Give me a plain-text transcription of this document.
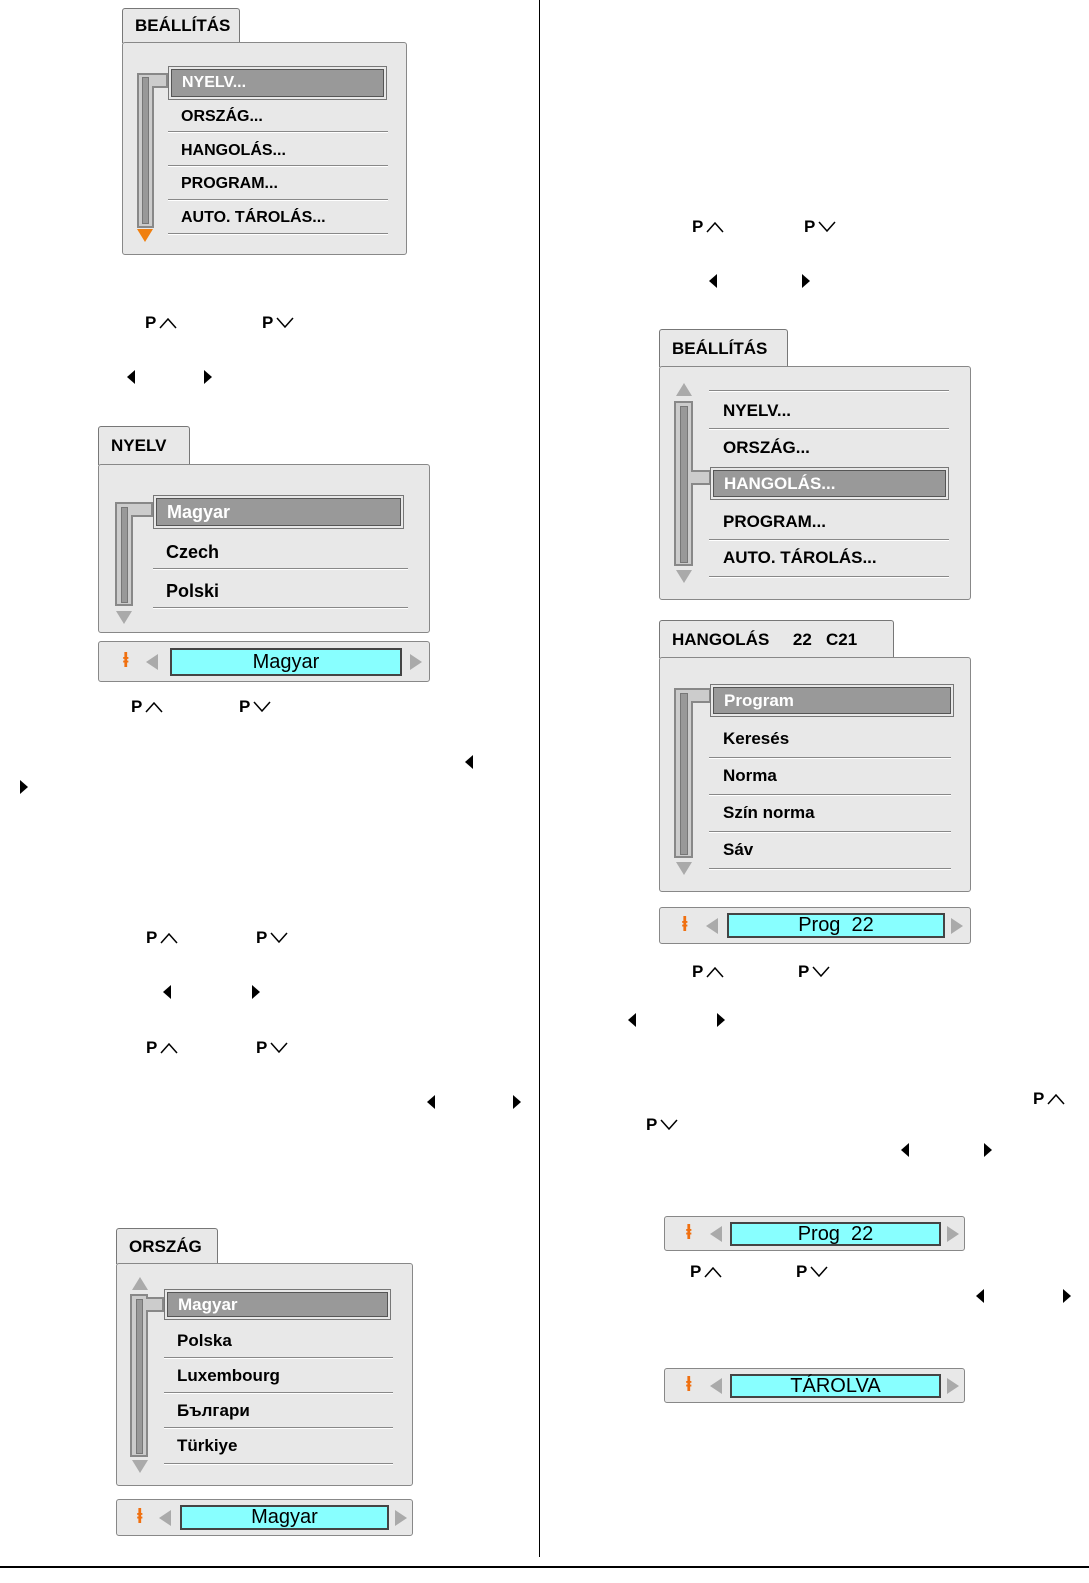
BEÁLLÍTÁS
NYELV...
ORSZÁG...
HANGOLÁS...
PROGRAM...
AUTO. TÁROLÁS...
P	P
NYELV
Magyar
Czech
Polski
ⱡ	Magyar
P	P
P	P
P	P
ORSZÁG
Magyar
Polska
Luxembourg
Бългapи
Türkiye
ⱡ	Magyar
P	P
BEÁLLÍTÁS
NYELV...
ORSZÁG...
HANGOLÁS...
PROGRAM...
AUTO. TÁROLÁS...
HANGOLÁS     22   C21
Program
Keresés
Norma
Szín norma
Sáv
ⱡ	Prog  22
P	P
P
P
ⱡ	Prog  22
P	P
ⱡ	TÁROLVA
